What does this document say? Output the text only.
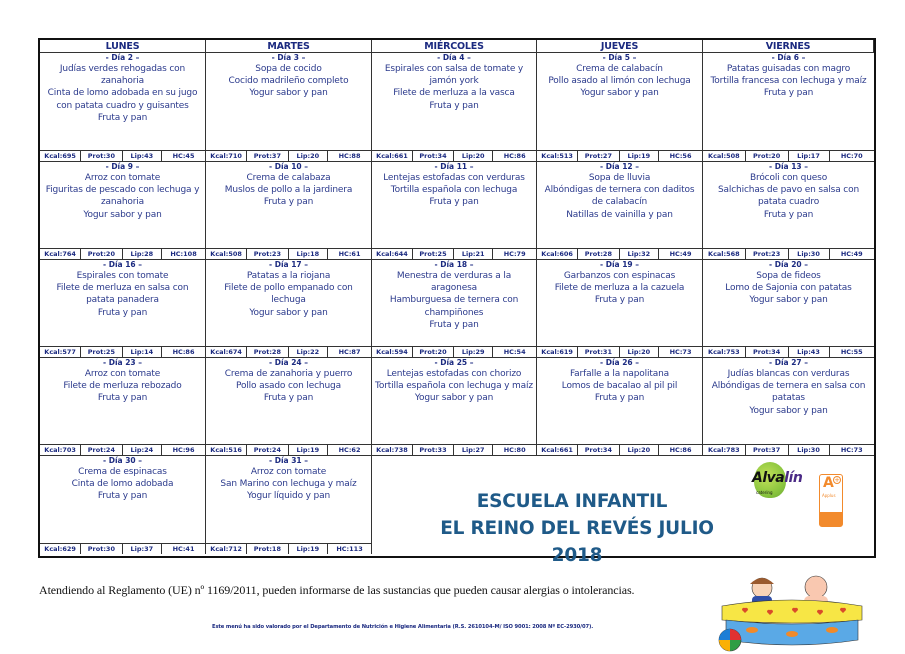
LUNES	MARTES	MIÉRCOLES	JUEVES	VIERNES
- Día 2 –
Judías verdes rehogadas con zanahoria
Cinta de lomo adobada en su jugo con patata cuadro y guisantes
Fruta y pan
Kcal:695	Prot:30	Lip:43	HC:45
- Día 3 –
Sopa de cocido
Cocido madrileño completo
Yogur sabor y pan
Kcal:710	Prot:37	Lip:20	HC:88
- Día 4 –
Espirales con salsa de tomate y jamón york
Filete de merluza a la vasca
Fruta y pan
Kcal:661	Prot:34	Lip:20	HC:86
- Día 5 –
Crema de calabacín
Pollo asado al limón con lechuga
Yogur sabor y pan
Kcal:513	Prot:27	Lip:19	HC:56
- Día 6 –
Patatas guisadas con magro
Tortilla francesa con lechuga y maíz
Fruta y pan
Kcal:508	Prot:20	Lip:17	HC:70
- Día 9 –
Arroz con tomate
Figuritas de pescado con lechuga y zanahoria
Yogur sabor y pan
Kcal:764	Prot:20	Lip:28	HC:108
- Día 10 –
Crema de calabaza
Muslos de pollo a la jardinera
Fruta y pan
Kcal:508	Prot:23	Lip:18	HC:61
- Día 11 –
Lentejas estofadas con verduras
Tortilla española con lechuga
Fruta y pan
Kcal:644	Prot:25	Lip:21	HC:79
- Día 12 –
Sopa de lluvia
Albóndigas de ternera con daditos de calabacín
Natillas de vainilla y pan
Kcal:606	Prot:28	Lip:32	HC:49
- Día 13 –
Brócoli con queso
Salchichas de pavo en salsa con patata cuadro
Fruta y pan
Kcal:568	Prot:23	Lip:30	HC:49
- Día 16 –
Espirales con tomate
Filete de merluza en salsa con patata panadera
Fruta y pan
Kcal:577	Prot:25	Lip:14	HC:86
- Día 17 –
Patatas a la riojana
Filete de pollo empanado con lechuga
Yogur sabor y pan
Kcal:674	Prot:28	Lip:22	HC:87
- Día 18 –
Menestra de verduras a la aragonesa
Hamburguesa de ternera con champiñones
Fruta y pan
Kcal:594	Prot:20	Lip:29	HC:54
- Día 19 –
Garbanzos con espinacas
Filete de merluza a la cazuela
Fruta y pan
Kcal:619	Prot:31	Lip:20	HC:73
- Día 20 –
Sopa de fideos
Lomo de Sajonia con patatas
Yogur sabor y pan
Kcal:753	Prot:34	Lip:43	HC:55
- Día 23 –
Arroz con tomate
Filete de merluza rebozado
Fruta y pan
Kcal:703	Prot:24	Lip:24	HC:96
- Día 24 –
Crema de zanahoria y puerro
Pollo asado con lechuga
Fruta y pan
Kcal:516	Prot:24	Lip:19	HC:62
- Día 25 –
Lentejas estofadas con chorizo
Tortilla española con lechuga y maíz
Yogur sabor y pan
Kcal:738	Prot:33	Lip:27	HC:80
- Día 26 –
Farfalle a la napolitana
Lomos de bacalao al pil pil
Fruta y pan
Kcal:661	Prot:34	Lip:20	HC:86
- Día 27 –
Judías blancas con verduras
Albóndigas de ternera en salsa con patatas
Yogur sabor y pan
Kcal:783	Prot:37	Lip:30	HC:73
- Día 30 –
Crema de espinacas
Cinta de lomo adobada
Fruta y pan
Kcal:629	Prot:30	Lip:37	HC:41
- Día 31 –
Arroz con tomate
San Marino con lechuga y maíz
Yogur líquido y pan
Kcal:712	Prot:18	Lip:19	HC:113
ESCUELA INFANTIL

EL REINO DEL REVÉS JULIO 2018
Alvalín
catering
A +
Applus
Atendiendo al Reglamento (UE) nº 1169/2011, pueden informarse de las sustancias que pueden causar alergias o intolerancias.
Este menú ha sido valorado por el Departamento de Nutrición e Higiene Alimentaria (R.S. 2610104-M/ ISO 9001: 2008 Nº EC-2930/07).
